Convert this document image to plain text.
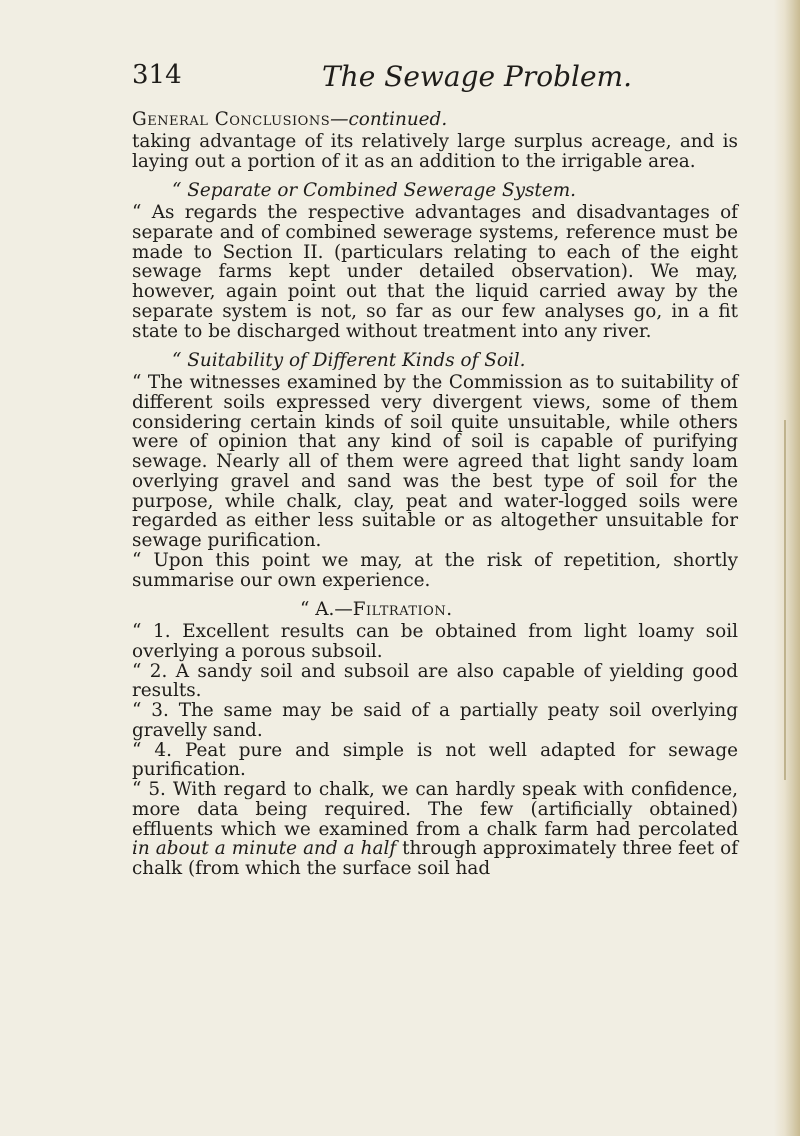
314	The Sewage Problem.

General Conclusions—continued.

taking advantage of its relatively large surplus acreage, and is laying out a portion of it as an addition to the irrigable area.

“ Separate or Combined Sewerage System.

“ As regards the respective advantages and disadvantages of separate and of combined sewerage systems, reference must be made to Section II. (particulars relating to each of the eight sewage farms kept under detailed observation). We may, however, again point out that the liquid carried away by the separate system is not, so far as our few analyses go, in a fit state to be discharged without treatment into any river.

“ Suitability of Different Kinds of Soil.

“ The witnesses examined by the Commission as to suitability of different soils expressed very divergent views, some of them considering certain kinds of soil quite unsuitable, while others were of opinion that any kind of soil is capable of purifying sewage. Nearly all of them were agreed that light sandy loam overlying gravel and sand was the best type of soil for the purpose, while chalk, clay, peat and water-logged soils were regarded as either less suitable or as altogether unsuitable for sewage purification.

“ Upon this point we may, at the risk of repetition, shortly summarise our own experience.

“ A.—Filtration.

“ 1. Excellent results can be obtained from light loamy soil overlying a porous subsoil.

“ 2. A sandy soil and subsoil are also capable of yielding good results.

“ 3. The same may be said of a partially peaty soil overlying gravelly sand.

“ 4. Peat pure and simple is not well adapted for sewage purification.

“ 5. With regard to chalk, we can hardly speak with confidence, more data being required. The few (artificially obtained) effluents which we examined from a chalk farm had percolated in about a minute and a half through approximately three feet of chalk (from which the surface soil had
